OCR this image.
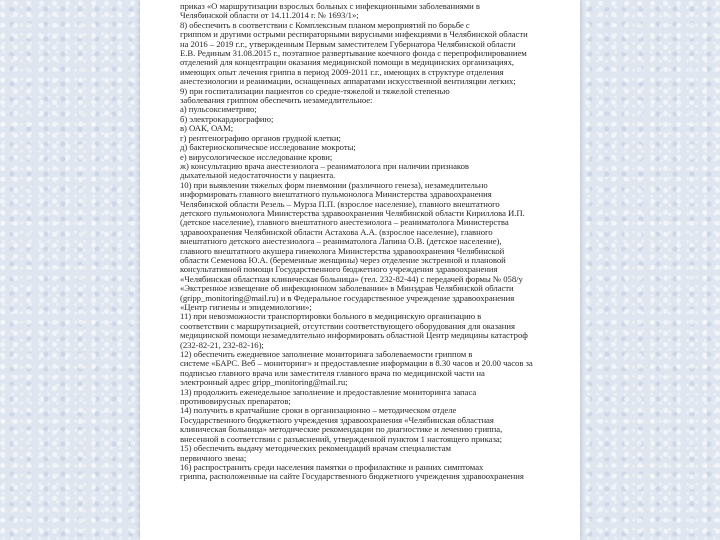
приказ «О маршрутизации взрослых больных с инфекционными заболеваниями в
Челябинской области от 14.11.2014 г. № 1693/1»;
8) обеспечить в соответствии с Комплексным планом мероприятий по борьбе с
гриппом и другими острыми респираторными вирусными инфекциями в Челябинской области
на 2016 – 2019 г.г., утвержденным Первым заместителем Губернатора Челябинской области
Е.В. Рединым 31.08.2015 г., поэтапное развертывание коечного фонда с перепрофилированием
отделений для концентрации оказания медицинской помощи в медицинских организациях,
имеющих опыт лечения гриппа в период 2009-2011 г.г., имеющих в структуре отделения
анестезиологии и реанимации, оснащенных аппаратами искусственной вентиляции легких;
9) при госпитализации пациентов со средне-тяжелой и тяжелой степенью
заболевания гриппом обеспечить незамедлительное:
а) пульсоксиметрию;
б) электрокардиографию;
в) ОАК, ОАМ;
г) рентгенографию органов грудной клетки;
д) бактериоскопическое исследование мокроты;
е) вирусологическое исследование крови;
ж) консультацию врача анестезиолога – реаниматолога при наличии признаков
дыхательной недостаточности у пациента.
10) при выявлении тяжелых форм пневмонии (различного генеза), незамедлительно
информировать главного внештатного пульмонолога Министерства здравоохранения
Челябинской области Резель – Мурза П.П. (взрослое население), главного внештатного
детского пульмонолога Министерства здравоохранения Челябинской области Кириллова И.П.
(детское население), главного внештатного анестезиолога – реаниматолога Министерства
здравоохранения Челябинской области Астахова А.А. (взрослое население), главного
внештатного детского анестезиолога – реаниматолога Лапина О.В. (детское население),
главного внештатного акушера гинеколога Министерства здравоохранения Челябинской
области Семенова Ю.А. (беременные женщины) через отделение экстренной и плановой
консультативной помощи Государственного бюджетного учреждения здравоохранения
«Челябинская областная клиническая больница» (тел. 232-82-44) с передачей формы № 058/у
«Экстренное извещение об инфекционном заболевании» в Минздрав Челябинской области
(gripp_monitoring@mail.ru) и в Федеральное государственное учреждение здравоохранения
«Центр гигиены и эпидемиологии»;
11) при невозможности транспортировки больного в медицинскую организацию в
соответствии с маршрутизацией, отсутствии соответствующего оборудования для оказания
медицинской помощи незамедлительно информировать областной Центр медицины катастроф
(232-82-21, 232-82-16);
12) обеспечить ежедневное заполнение мониторинга заболеваемости гриппом в
системе «БАРС. Веб – мониторинг» и предоставление информации в 8.30 часов и 20.00 часов за
подписью главного врача или заместителя главного врача по медицинской части на
электронный адрес gripp_monitoring@mail.ru;
13) продолжить еженедельное заполнение и предоставление мониторинга запаса
противовирусных препаратов;
14) получить в кратчайшие сроки в организационно – методическом отделе
Государственного бюджетного учреждения здравоохранения «Челябинская областная
клиническая больница» методические рекомендации по диагностике и лечению гриппа,
внесенной в соответствии с разъяснений, утвержденной пунктом 1 настоящего приказа;
15) обеспечить выдачу методических рекомендаций врачам специалистам
первичного звена;
16) распространить среди населения памятки о профилактике и ранних симптомах
гриппа, расположенные на сайте Государственного бюджетного учреждения здравоохранения
